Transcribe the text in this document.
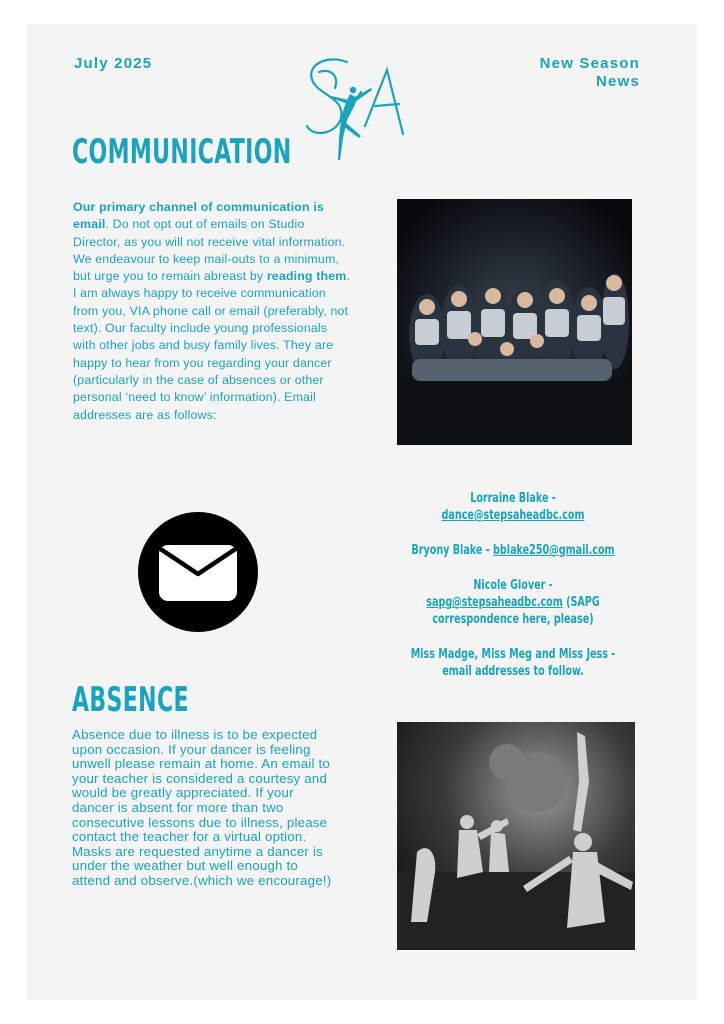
July 2025	New Season
News
COMMUNICATION
Our primary channel of communication is email. Do not opt out of emails on Studio Director, as you will not receive vital information. We endeavour to keep mail-outs to a minimum, but urge you to remain abreast by reading them. I am always happy to receive communication from you, VIA phone call or email (preferably, not text). Our faculty include young professionals with other jobs and busy family lives. They are happy to hear from you regarding your dancer (particularly in the case of absences or other personal ‘need to know’ information). Email addresses are as follows:
Lorraine Blake - dance@stepsaheadbc.com
Bryony Blake - bblake250@gmail.com
Nicole Glover - sapg@stepsaheadbc.com (SAPG correspondence here, please)
Miss Madge, Miss Meg and Miss Jess - email addresses to follow.
ABSENCE
Absence due to illness is to be expected upon occasion. If your dancer is feeling unwell please remain at home. An email to your teacher is considered a courtesy and would be greatly appreciated. If your dancer is absent for more than two consecutive lessons due to illness, please contact the teacher for a virtual option. Masks are requested anytime a dancer is under the weather but well enough to attend and observe.(which we encourage!)
